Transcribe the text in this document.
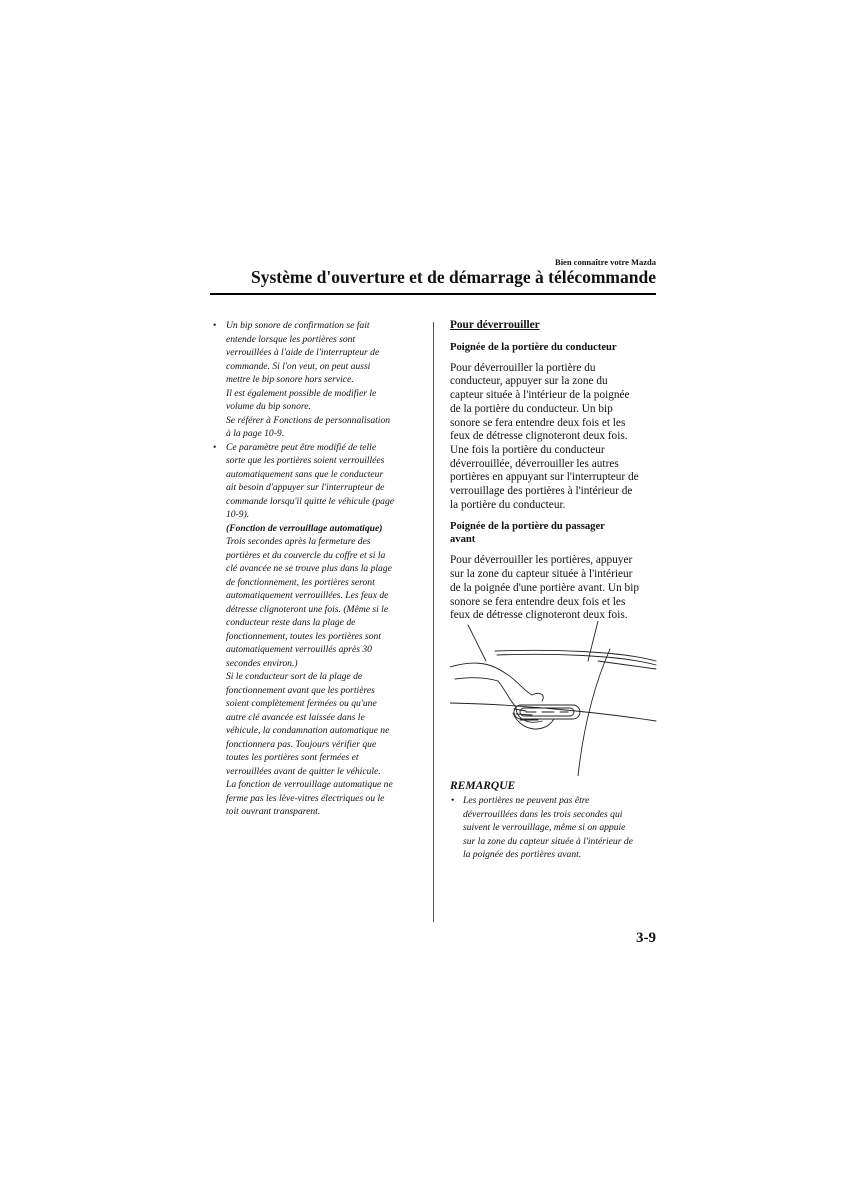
Bien connaître votre Mazda
Système d'ouverture et de démarrage à télécommande
• Un bip sonore de confirmation se fait

entende lorsque les portières sont

verrouillées à l'aide de l'interrupteur de

commande. Si l'on veut, on peut aussi

mettre le bip sonore hors service.

Il est également possible de modifier le

volume du bip sonore.

Se référer à Fonctions de personnalisation

à la page 10-9.

• Ce paramètre peut être modifié de telle

sorte que les portières soient verrouillées

automatiquement sans que le conducteur

ait besoin d'appuyer sur l'interrupteur de

commande lorsqu'il quitte le véhicule (page

10-9).

(Fonction de verrouillage automatique)

Trois secondes après la fermeture des

portières et du couvercle du coffre et si la

clé avancée ne se trouve plus dans la plage

de fonctionnement, les portières seront

automatiquement verrouillées. Les feux de

détresse clignoteront une fois. (Même si le

conducteur reste dans la plage de

fonctionnement, toutes les portières sont

automatiquement verrouillés après 30

secondes environ.)

Si le conducteur sort de la plage de

fonctionnement avant que les portières

soient complètement fermées ou qu'une

autre clé avancée est laissée dans le

véhicule, la condamnation automatique ne

fonctionnera pas. Toujours vérifier que

toutes les portières sont fermées et

verrouillées avant de quitter le véhicule.

La fonction de verrouillage automatique ne

ferme pas les lève-vitres électriques ou le

toit ouvrant transparent.

Pour déverrouiller

Poignée de la portière du conducteur

Pour déverrouiller la portière du

conducteur, appuyer sur la zone du

capteur située à l'intérieur de la poignée

de la portière du conducteur. Un bip

sonore se fera entendre deux fois et les

feux de détresse clignoteront deux fois.

Une fois la portière du conducteur

déverrouillée, déverrouiller les autres

portières en appuyant sur l'interrupteur de

verrouillage des portières à l'intérieur de

la portière du conducteur.

Poignée de la portière du passager

avant

Pour déverrouiller les portières, appuyer

sur la zone du capteur située à l'intérieur

de la poignée d'une portière avant. Un bip

sonore se fera entendre deux fois et les

feux de détresse clignoteront deux fois.

REMARQUE

• Les portières ne peuvent pas être

déverrouillées dans les trois secondes qui

suivent le verrouillage, même si on appuie

sur la zone du capteur située à l'intérieur de

la poignée des portières avant.

3-9
